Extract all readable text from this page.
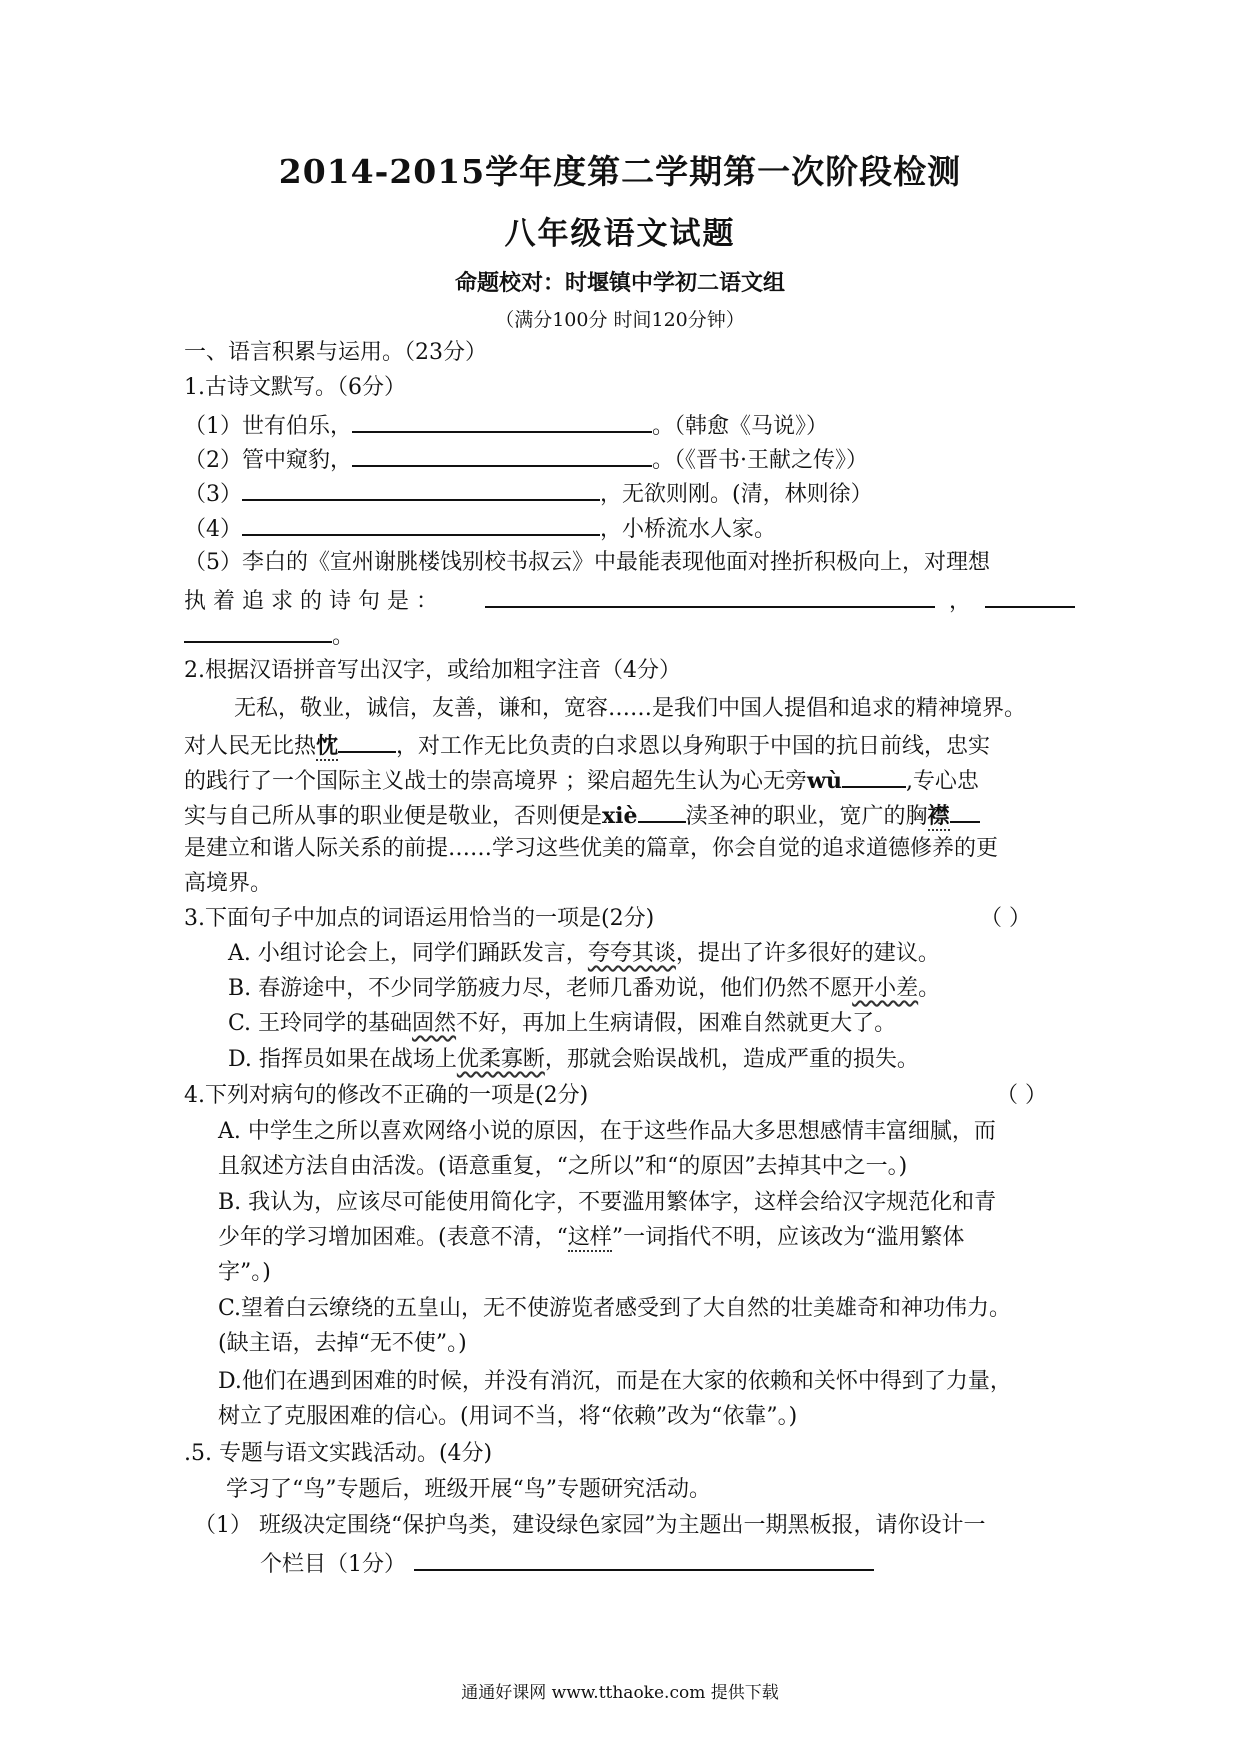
2014-2015学年度第二学期第一次阶段检测
八年级语文试题
命题校对：时堰镇中学初二语文组
（满分100分 时间120分钟）
一、语言积累与运用。（23分）
1.古诗文默写。（6分）
（1）世有伯乐，	。（韩愈《马说》）
（2）管中窥豹，	。（《晋书·王献之传》）
（3）	，无欲则刚。(清，林则徐）
（4）	，小桥流水人家。
（5）李白的《宣州谢朓楼饯别校书叔云》中最能表现他面对挫折积极向上，对理想
执着追求的诗句是：	，
。
2.根据汉语拼音写出汉字，或给加粗字注音（4分）
无私，敬业，诚信，友善，谦和，宽容……是我们中国人提倡和追求的精神境界。
对人民无比热忱	，对工作无比负责的白求恩以身殉职于中国的抗日前线，忠实
的践行了一个国际主义战士的崇高境界 ；梁启超先生认为心无旁wù	,专心忠
实与自己所从事的职业便是敬业，否则便是xiè 渎圣神的职业，宽广的胸襟
是建立和谐人际关系的前提……学习这些优美的篇章，你会自觉的追求道德修养的更
高境界。
3.下面句子中加点的词语运用恰当的一项是(2分)	（ ）
A. 小组讨论会上，同学们踊跃发言，夸夸其谈，提出了许多很好的建议。
B. 春游途中，不少同学筋疲力尽，老师几番劝说，他们仍然不愿开小差。
C. 王玲同学的基础固然不好，再加上生病请假，困难自然就更大了。
D. 指挥员如果在战场上优柔寡断，那就会贻误战机，造成严重的损失。
4.下列对病句的修改不正确的一项是(2分)	（ ）
A. 中学生之所以喜欢网络小说的原因，在于这些作品大多思想感情丰富细腻，而
且叙述方法自由活泼。(语意重复，“之所以”和“的原因”去掉其中之一。)
B. 我认为，应该尽可能使用简化字，不要滥用繁体字，这样会给汉字规范化和青
少年的学习增加困难。(表意不清，“这样”一词指代不明，应该改为“滥用繁体
字”。)
C.望着白云缭绕的五皇山，无不使游览者感受到了大自然的壮美雄奇和神功伟力。
(缺主语，去掉“无不使”。)
D.他们在遇到困难的时候，并没有消沉，而是在大家的依赖和关怀中得到了力量，
树立了克服困难的信心。(用词不当，将“依赖”改为“依靠”。)
.5. 专题与语文实践活动。(4分)
学习了“鸟”专题后，班级开展“鸟”专题研究活动。
（1） 班级决定围绕“保护鸟类，建设绿色家园”为主题出一期黑板报，请你设计一
个栏目（1分）
通通好课网 www.tthaoke.com 提供下载
